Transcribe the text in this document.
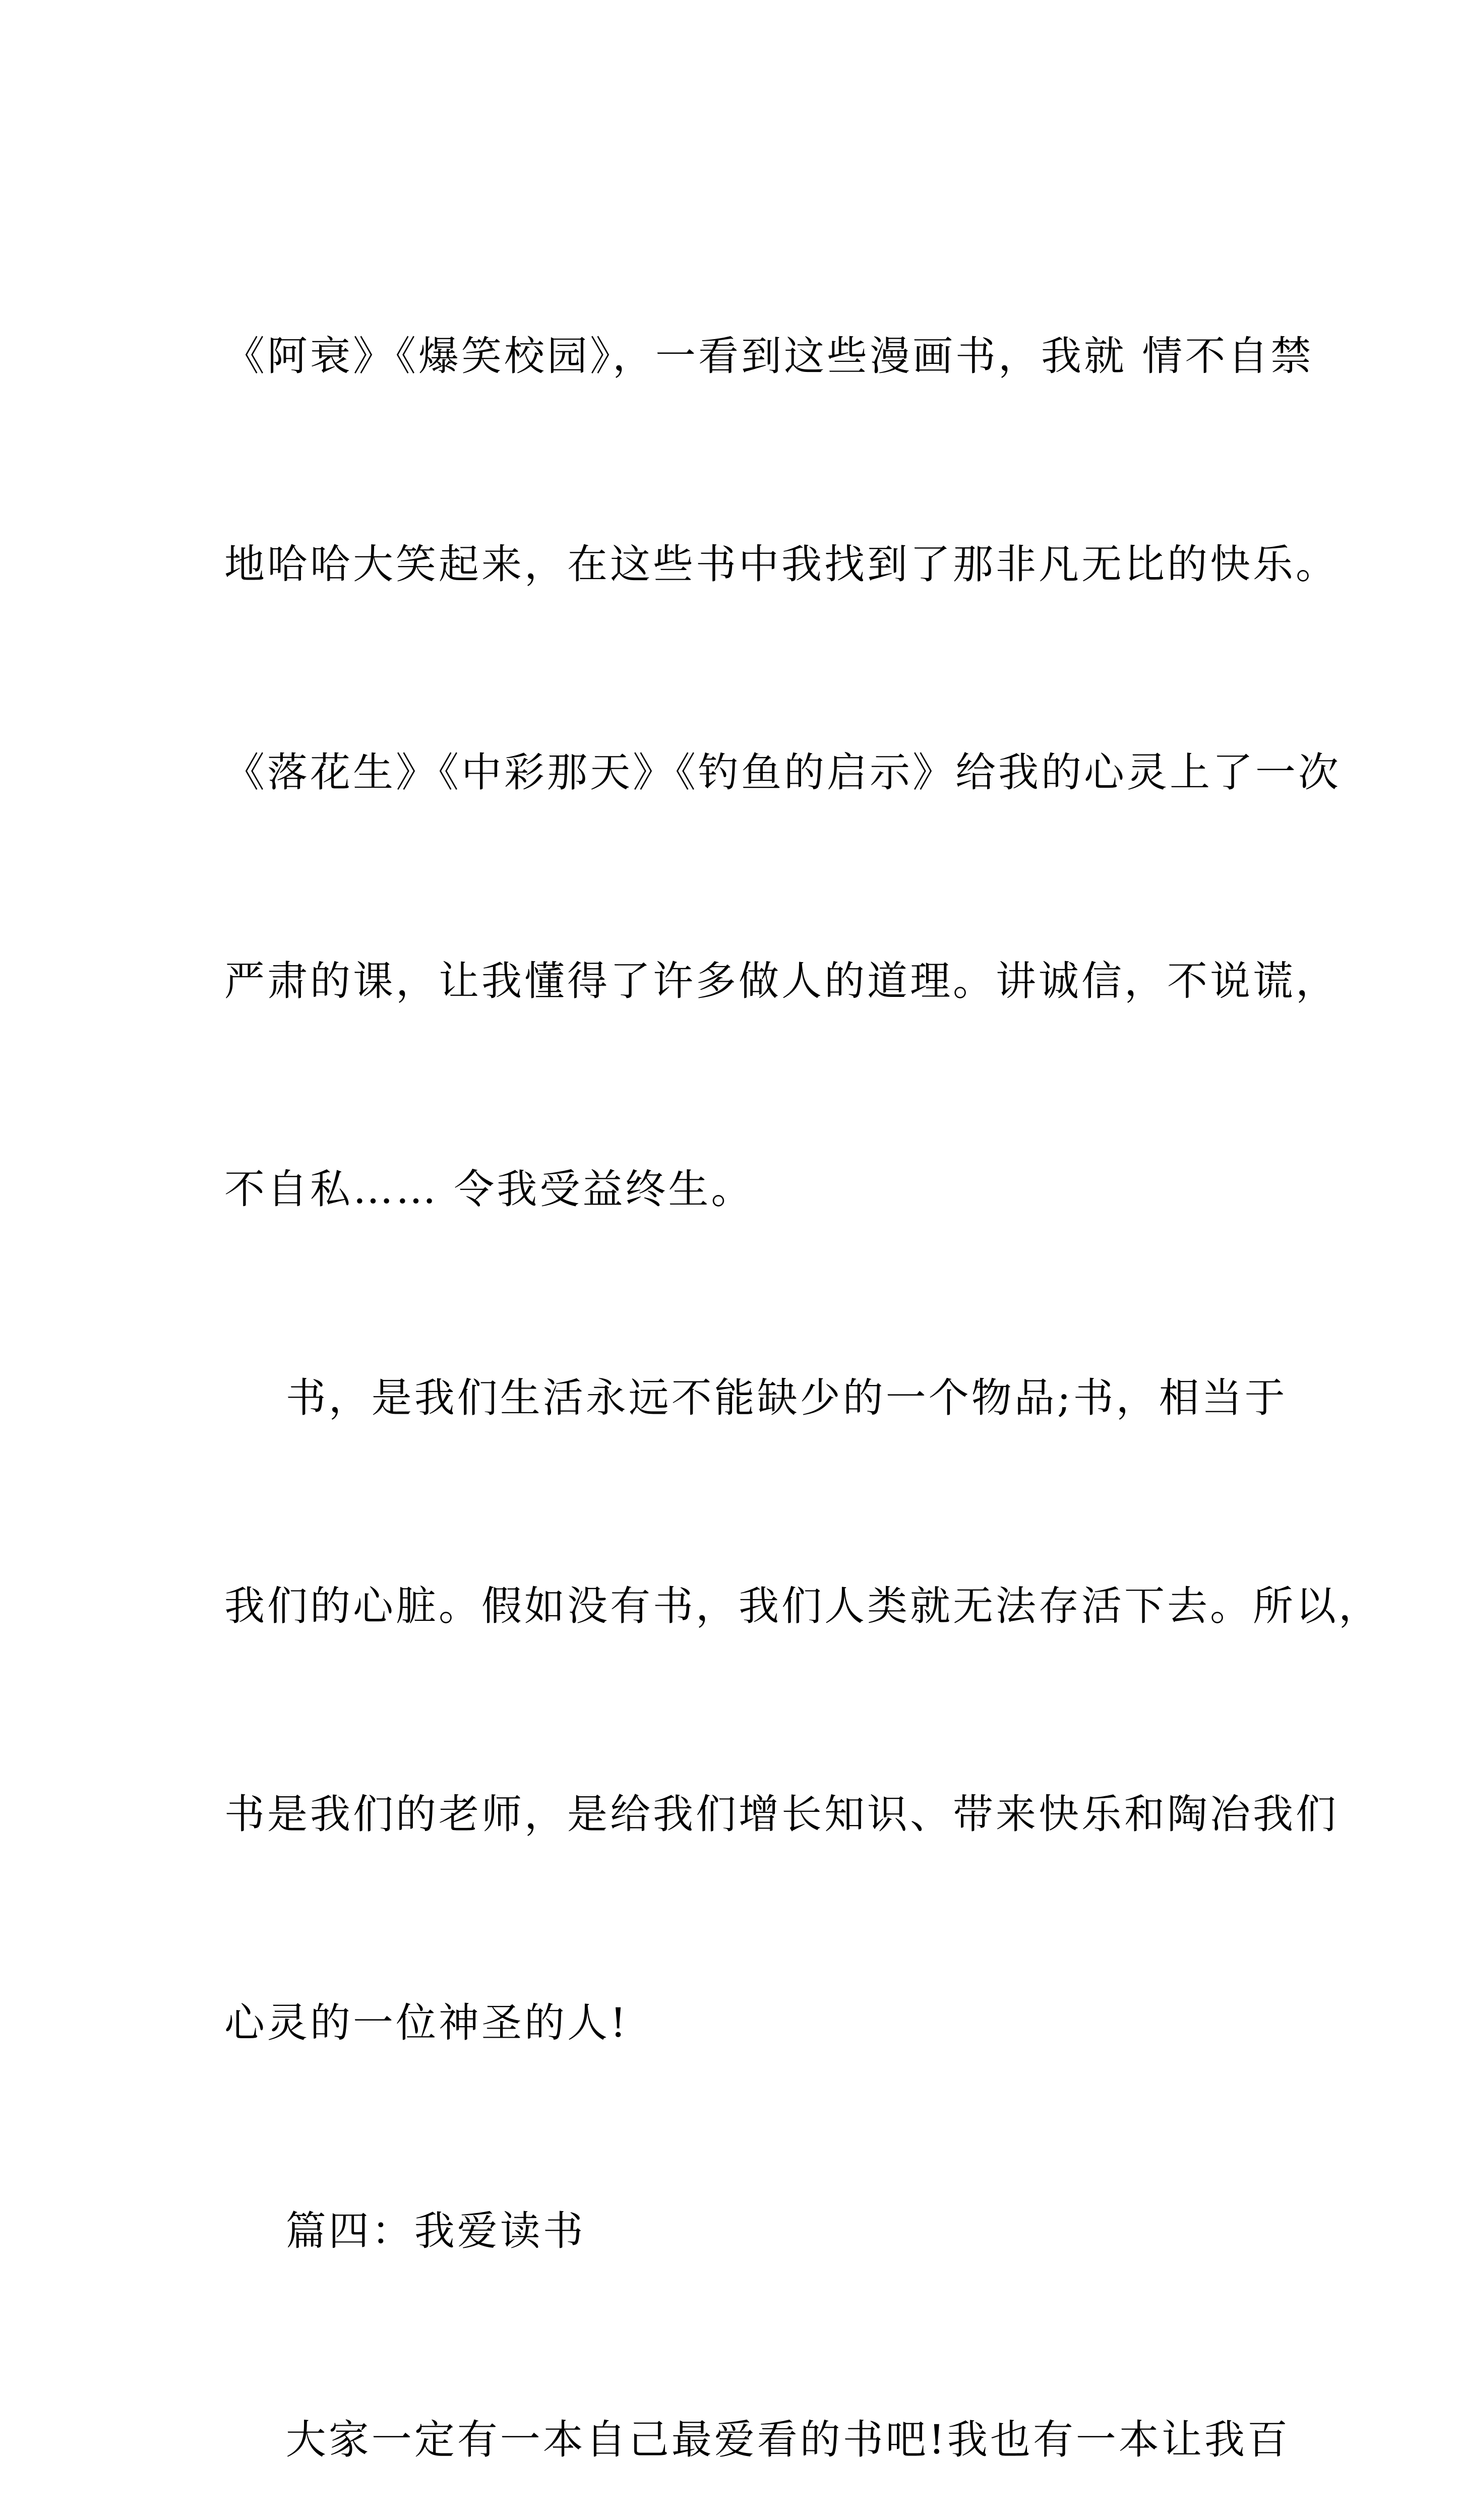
《阿衰》《爆笑校园》，一看到这些漫画书，我就 情不自禁

地哈哈大笑起来，在这些书中我找到了那非凡无比的快乐。

《落花生》《中彩那天》《钓鱼的启示》给我的心灵上了一次

严肃的课，让我懂得了许多做人的道理。讲诚信，不说谎，

不自私…… 令我受益终生。

书，是我们生活永远不能缺少的一个物品;书，相当于

我们的心脏。假如没有书，我们人类就无法存活下去。所以，

书是我们的老师，是给我们增长知识、带来快乐和陶冶我们

心灵的一位神圣的人!

篇四：我爱读书

大家一定有一本自己最爱看的书吧!我也有一本让我百
